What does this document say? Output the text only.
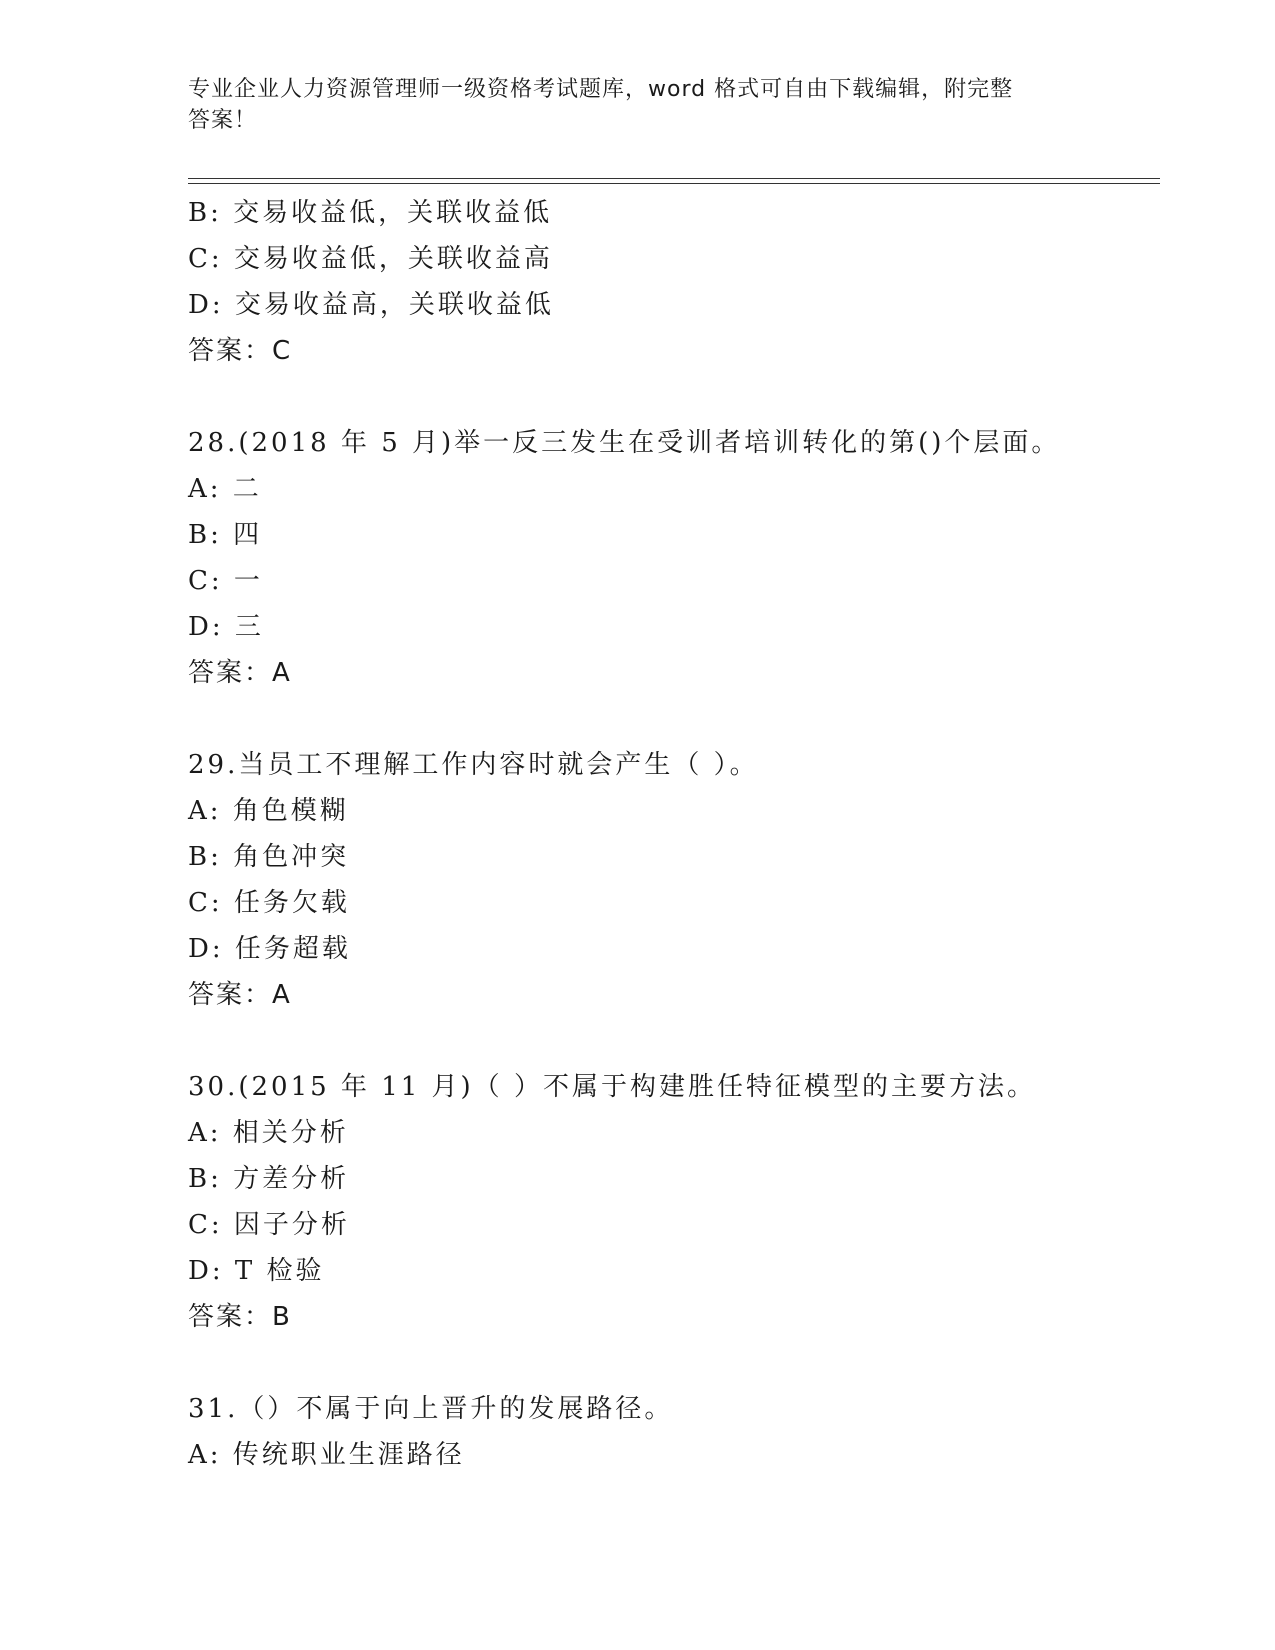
专业企业人力资源管理师一级资格考试题库，word 格式可自由下载编辑，附完整
答案！
B: 交易收益低，关联收益低
C: 交易收益低，关联收益高
D: 交易收益高，关联收益低
答案：C
28.(2018 年 5 月)举一反三发生在受训者培训转化的第()个层面。
A: 二
B: 四
C: 一
D: 三
答案：A
29.当员工不理解工作内容时就会产生（ ）。
A: 角色模糊
B: 角色冲突
C: 任务欠载
D: 任务超载
答案：A
30.(2015 年 11 月)（ ）不属于构建胜任特征模型的主要方法。
A: 相关分析
B: 方差分析
C: 因子分析
D: T 检验
答案：B
31.（）不属于向上晋升的发展路径。
A: 传统职业生涯路径
